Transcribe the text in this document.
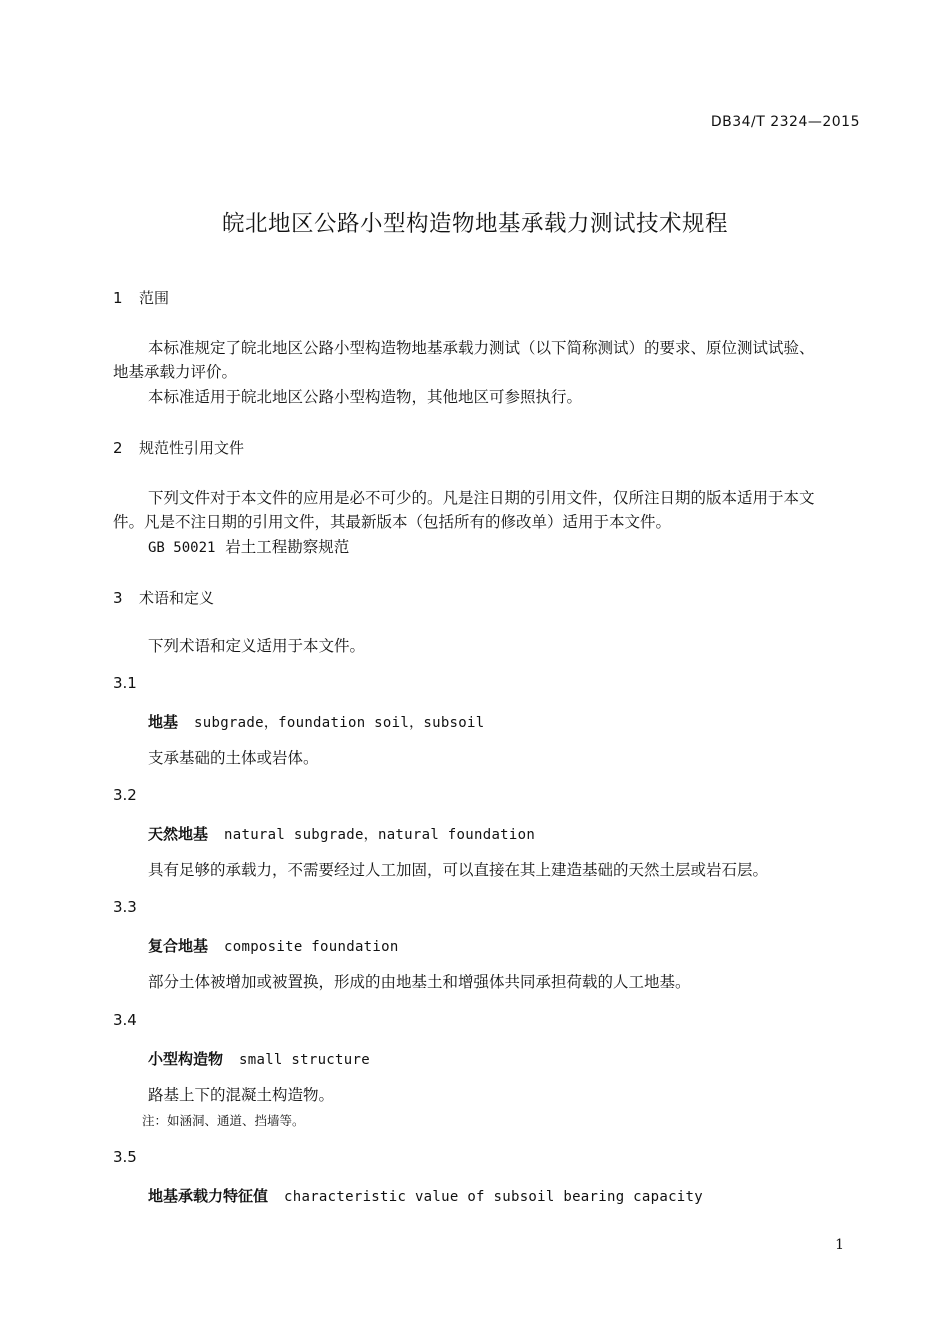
DB34/T 2324—2015
皖北地区公路小型构造物地基承载力测试技术规程
1 范围
本标准规定了皖北地区公路小型构造物地基承载力测试（以下简称测试）的要求、原位测试试验、
地基承载力评价。
本标准适用于皖北地区公路小型构造物，其他地区可参照执行。
2 规范性引用文件
下列文件对于本文件的应用是必不可少的。凡是注日期的引用文件，仅所注日期的版本适用于本文
件。凡是不注日期的引用文件，其最新版本（包括所有的修改单）适用于本文件。
GB 50021 岩土工程勘察规范
3 术语和定义
下列术语和定义适用于本文件。
3.1
地基 subgrade，foundation soil，subsoil
支承基础的土体或岩体。
3.2
天然地基 natural subgrade，natural foundation
具有足够的承载力，不需要经过人工加固，可以直接在其上建造基础的天然土层或岩石层。
3.3
复合地基 composite foundation
部分土体被增加或被置换，形成的由地基土和增强体共同承担荷载的人工地基。
3.4
小型构造物 small structure
路基上下的混凝土构造物。
注：如涵洞、通道、挡墙等。
3.5
地基承载力特征值 characteristic value of subsoil bearing capacity
1
